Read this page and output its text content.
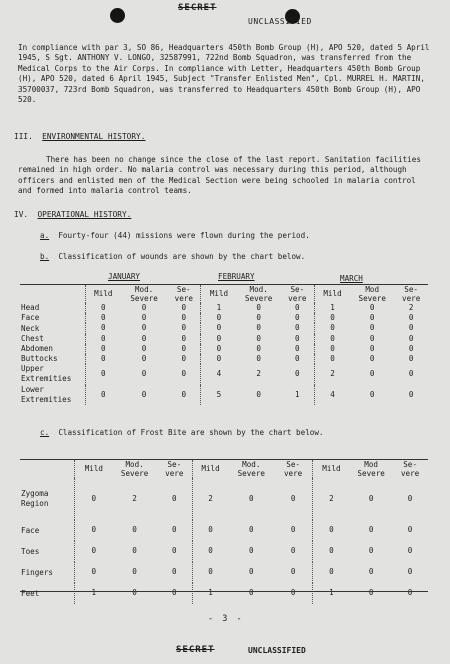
SECRET
UNCLASSIFIED
In compliance with par 3, SO 86, Headquarters 450th Bomb Group (H), APO 520, dated 5 April 1945, S Sgt. ANTHONY V. LONGO, 32587991, 722nd Bomb Squadron, was transferred from the Medical Corps to the Air Corps. In compliance with Letter, Headquarters 450th Bomb Group (H), APO 520, dated 6 April 1945, Subject "Transfer Enlisted Men", Cpl. MURREL H. MARTIN, 35700037, 723rd Bomb Squadron, was transferred to Headquarters 450th Bomb Group (H), APO 520.
III. ENVIRONMENTAL HISTORY.
There has been no change since the close of the last report. Sanitation facilities remained in high order. No malaria control was necessary during this period, although officers and enlisted men of the Medical Section were being schooled in malaria control and formed into malaria control teams.
IV. OPERATIONAL HISTORY.
a. Fourty-four (44) missions were flown during the period.
b. Classification of wounds are shown by the chart below.
JANUARY	FEBRUARY	MARCH
	Mild	Mod. Severe	Se- vere	Mild	Mod. Severe	Se- vere	Mild	Mod Severe	Se- vere

Head	0	0	0	1	0	0	1	0	2

Face	0	0	0	0	0	0	0	0	0

Neck	0	0	0	0	0	0	0	0	0

Chest	0	0	0	0	0	0	0	0	0

Abdomen	0	0	0	0	0	0	0	0	0

Buttocks	0	0	0	0	0	0	0	0	0

Upper
Extremities	0	0	0	4	2	0	2	0	0

Lower
Extremities	0	0	0	5	0	1	4	0	0
c. Classification of Frost Bite are shown by the chart below.
	Mild	Mod. Severe	Se- vere	Mild	Mod. Severe	Se- vere	Mild	Mod Severe	Se- vere

Zygoma
Region	0	2	0	2	0	0	2	0	0

Face	0	0	0	0	0	0	0	0	0

Toes	0	0	0	0	0	0	0	0	0

Fingers	0	0	0	0	0	0	0	0	0

Feet	1	0	0	1	0	0	1	0	0
- 3 -
SECRET	UNCLASSIFIED
